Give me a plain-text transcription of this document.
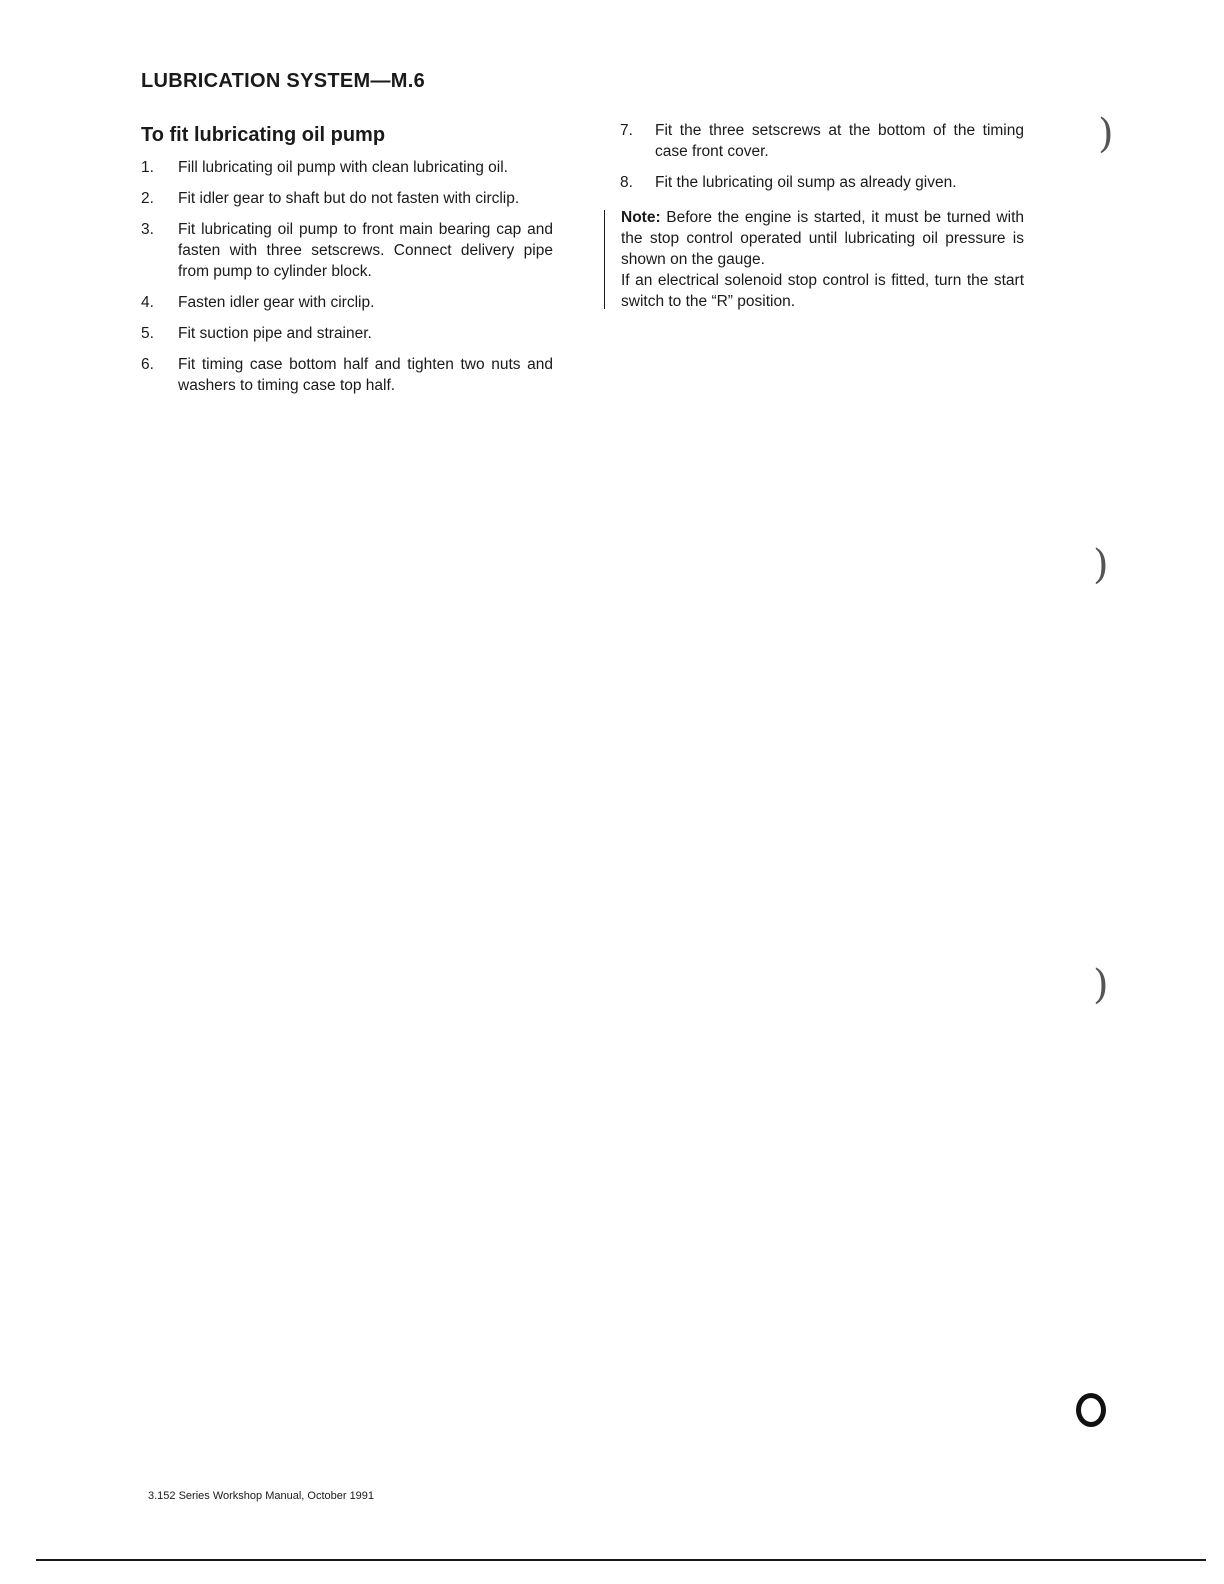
LUBRICATION SYSTEM—M.6
To fit lubricating oil pump
1.	Fill lubricating oil pump with clean lubricating oil.
2.	Fit idler gear to shaft but do not fasten with circlip.
3.	Fit lubricating oil pump to front main bearing cap and fasten with three setscrews. Connect delivery pipe from pump to cylinder block.
4.	Fasten idler gear with circlip.
5.	Fit suction pipe and strainer.
6.	Fit timing case bottom half and tighten two nuts and washers to timing case top half.
7.	Fit the three setscrews at the bottom of the timing case front cover.
8.	Fit the lubricating oil sump as already given.

Note: Before the engine is started, it must be turned with the stop control operated until lubricating oil pressure is shown on the gauge.

If an electrical solenoid stop control is fitted, turn the start switch to the “R” position.

3.152 Series Workshop Manual, October 1991

)
)
)
